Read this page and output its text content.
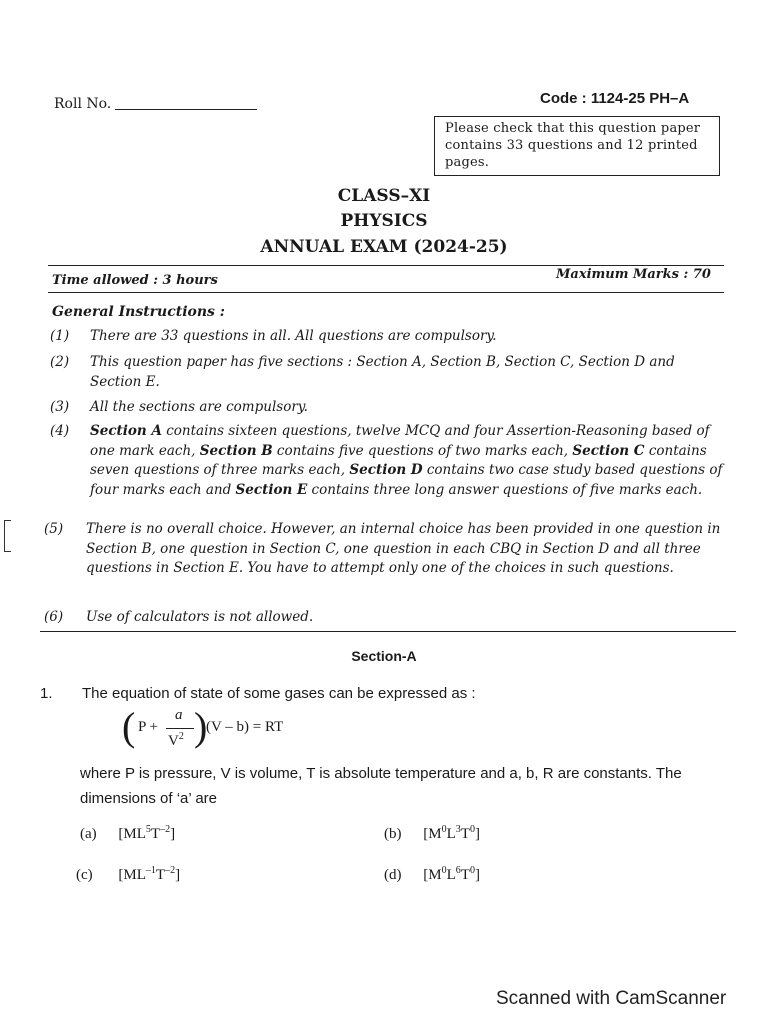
Roll No.	Code : 1124-25 PH–A
Please check that this question paper contains 33 questions and 12 printed pages.
CLASS–XI
PHYSICS
ANNUAL EXAM (2024-25)
Time allowed : 3 hours	Maximum Marks : 70
General Instructions :
(1) There are 33 questions in all. All questions are compulsory.
(2) This question paper has five sections : Section A, Section B, Section C, Section D and Section E.
(3) All the sections are compulsory.
(4) Section A contains sixteen questions, twelve MCQ and four Assertion-Reasoning based of one mark each, Section B contains five questions of two marks each, Section C contains seven questions of three marks each, Section D contains two case study based questions of four marks each and Section E contains three long answer questions of five marks each.
(5) There is no overall choice. However, an internal choice has been provided in one question in Section B, one question in Section C, one question in each CBQ in Section D and all three questions in Section E. You have to attempt only one of the choices in such questions.
(6) Use of calculators is not allowed.
Section-A
1. The equation of state of some gases can be expressed as :
( P +
a
$V^2$ )
(V – b) = RT
where P is pressure, V is volume, T is absolute temperature and a, b, R are constants. The dimensions of ‘a’ are
(a) $[ML^5T^{-2}]$	(b) $[M^0L^3T^0]$
(c) $[ML^{-1}T^{-2}]$	(d) $[M^0L^6T^0]$
Scanned with CamScanner
